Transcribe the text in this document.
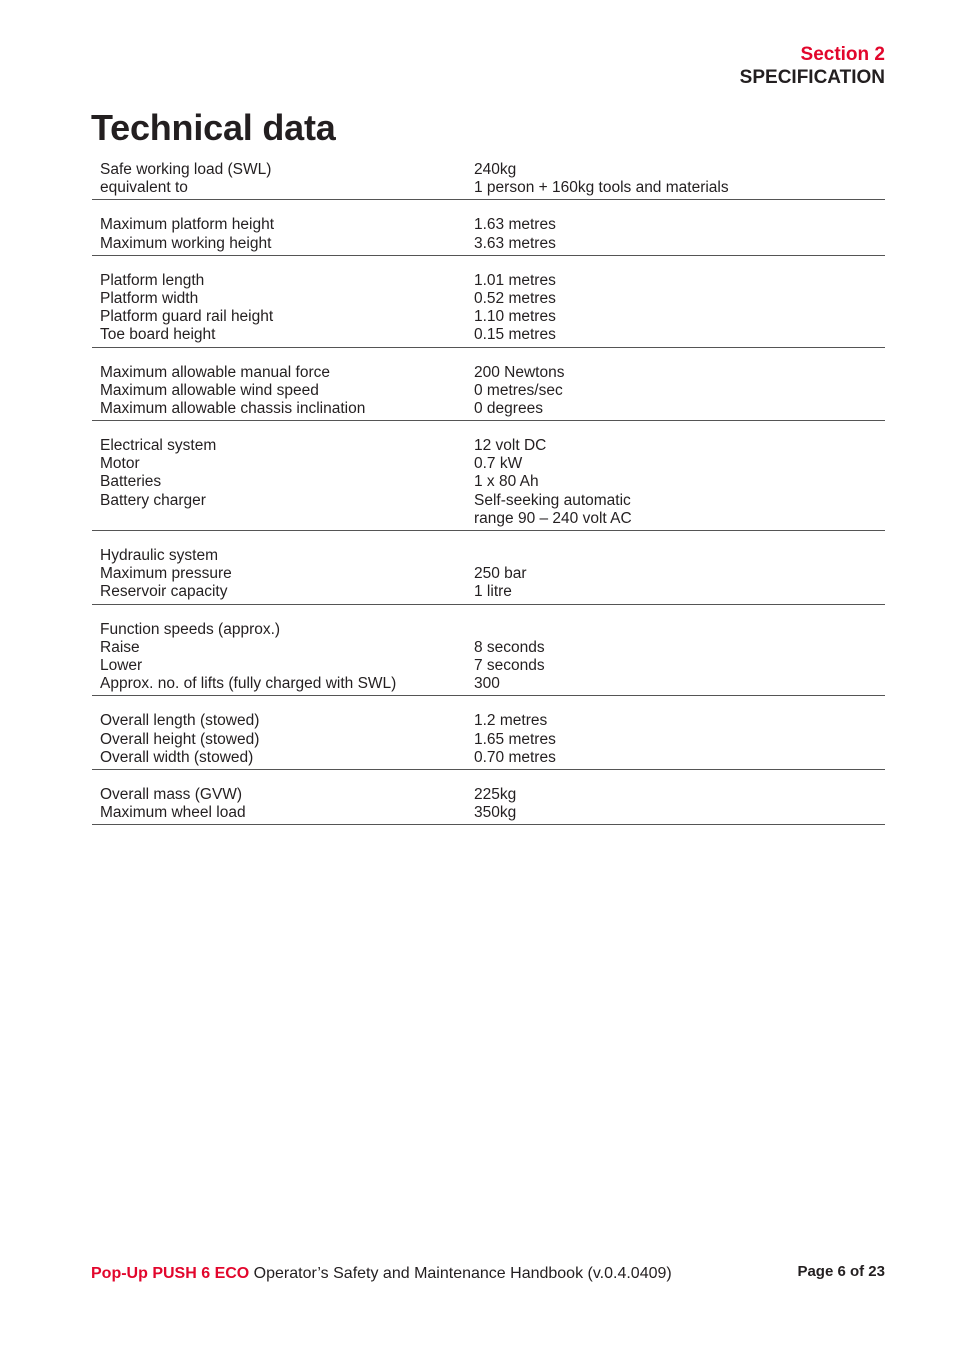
Section 2
SPECIFICATION
Technical data
Safe working load (SWL)	240kg
equivalent to	1 person + 160kg tools and materials
Maximum platform height	1.63 metres
Maximum working height	3.63 metres
Platform length	1.01 metres
Platform width	0.52 metres
Platform guard rail height	1.10 metres
Toe board height	0.15 metres
Maximum allowable manual force	200 Newtons
Maximum allowable wind speed	0 metres/sec
Maximum allowable chassis inclination	0 degrees
Electrical system	12 volt DC
Motor	0.7 kW
Batteries	1 x 80 Ah
Battery charger	Self-seeking automatic
range 90 – 240 volt AC
Hydraulic system
Maximum pressure	250 bar
Reservoir capacity	1 litre
Function speeds (approx.)
Raise	8 seconds
Lower	7 seconds
Approx. no. of lifts (fully charged with SWL)	300
Overall length (stowed)	1.2 metres
Overall height (stowed)	1.65 metres
Overall width (stowed)	0.70 metres
Overall mass (GVW)	225kg
Maximum wheel load	350kg
Pop-Up PUSH 6 ECO Operator’s Safety and Maintenance Handbook (v.0.4.0409)	Page 6 of 23
